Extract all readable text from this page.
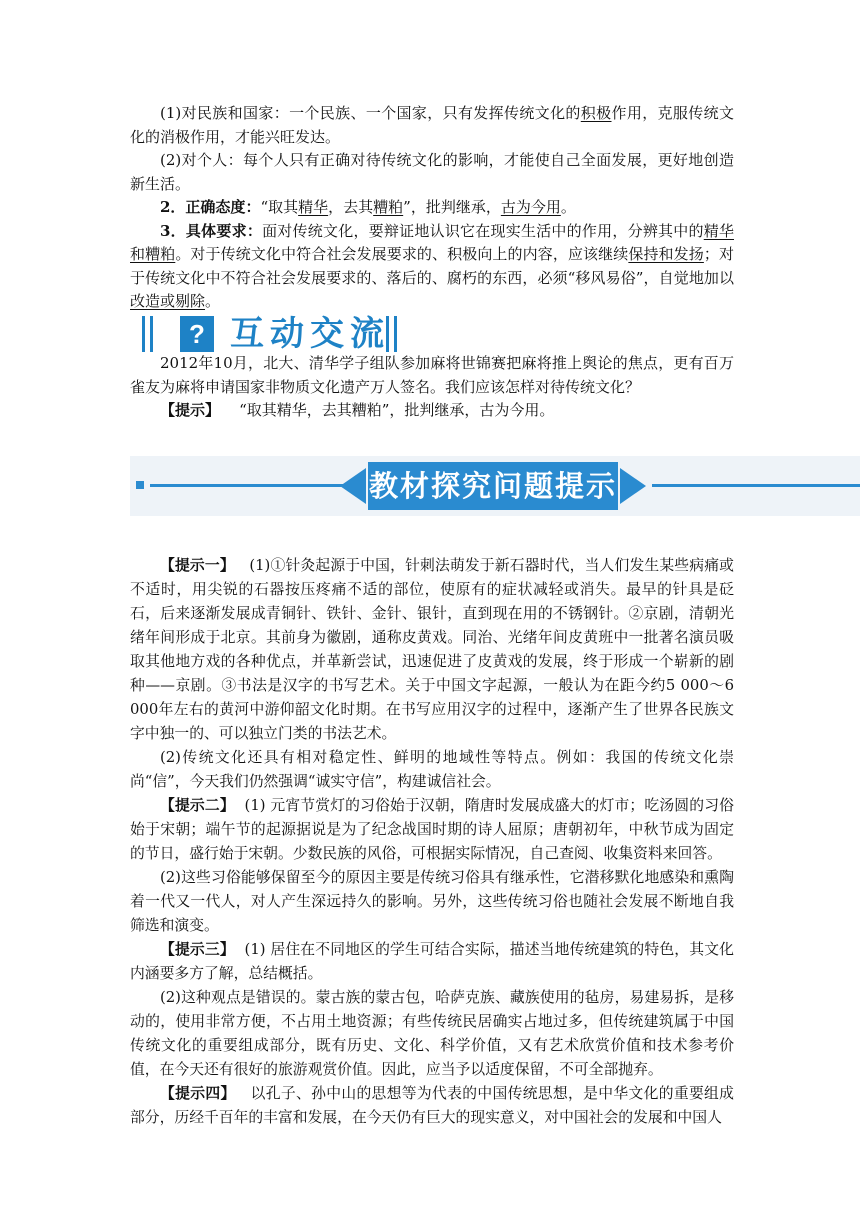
(1)对民族和国家：一个民族、一个国家，只有发挥传统文化的积极作用，克服传统文化的消极作用，才能兴旺发达。

(2)对个人：每个人只有正确对待传统文化的影响，才能使自己全面发展，更好地创造新生活。

2．正确态度：“取其精华，去其糟粕”，批判继承，古为今用。

3．具体要求：面对传统文化，要辩证地认识它在现实生活中的作用，分辨其中的精华和糟粕。对于传统文化中符合社会发展要求的、积极向上的内容，应该继续保持和发扬；对于传统文化中不符合社会发展要求的、落后的、腐朽的东西，必须“移风易俗”，自觉地加以改造或剔除。

? 互动交流

2012年10月，北大、清华学子组队参加麻将世锦赛把麻将推上舆论的焦点，更有百万雀友为麻将申请国家非物质文化遗产万人签名。我们应该怎样对待传统文化？

【提示】 “取其精华，去其糟粕”，批判继承，古为今用。

教材探究问题提示

【提示一】 (1)①针灸起源于中国，针刺法萌发于新石器时代，当人们发生某些病痛或不适时，用尖锐的石器按压疼痛不适的部位，使原有的症状减轻或消失。最早的针具是砭石，后来逐渐发展成青铜针、铁针、金针、银针，直到现在用的不锈钢针。②京剧，清朝光绪年间形成于北京。其前身为徽剧，通称皮黄戏。同治、光绪年间皮黄班中一批著名演员吸取其他地方戏的各种优点，并革新尝试，迅速促进了皮黄戏的发展，终于形成一个崭新的剧种——京剧。③书法是汉字的书写艺术。关于中国文字起源，一般认为在距今约5 000～6 000年左右的黄河中游仰韶文化时期。在书写应用汉字的过程中，逐渐产生了世界各民族文字中独一的、可以独立门类的书法艺术。

(2)传统文化还具有相对稳定性、鲜明的地域性等特点。例如：我国的传统文化崇尚“信”，今天我们仍然强调“诚实守信”，构建诚信社会。

【提示二】 (1) 元宵节赏灯的习俗始于汉朝，隋唐时发展成盛大的灯市；吃汤圆的习俗始于宋朝；端午节的起源据说是为了纪念战国时期的诗人屈原；唐朝初年，中秋节成为固定的节日，盛行始于宋朝。少数民族的风俗，可根据实际情况，自己查阅、收集资料来回答。

(2)这些习俗能够保留至今的原因主要是传统习俗具有继承性，它潜移默化地感染和熏陶着一代又一代人，对人产生深远持久的影响。另外，这些传统习俗也随社会发展不断地自我筛选和演变。

【提示三】 (1) 居住在不同地区的学生可结合实际，描述当地传统建筑的特色，其文化内涵要多方了解，总结概括。

(2)这种观点是错误的。蒙古族的蒙古包，哈萨克族、藏族使用的毡房，易建易拆，是移动的，使用非常方便，不占用土地资源；有些传统民居确实占地过多，但传统建筑属于中国传统文化的重要组成部分，既有历史、文化、科学价值，又有艺术欣赏价值和技术参考价值，在今天还有很好的旅游观赏价值。因此，应当予以适度保留，不可全部抛弃。

【提示四】 以孔子、孙中山的思想等为代表的中国传统思想，是中华文化的重要组成部分，历经千百年的丰富和发展，在今天仍有巨大的现实意义，对中国社会的发展和中国人
